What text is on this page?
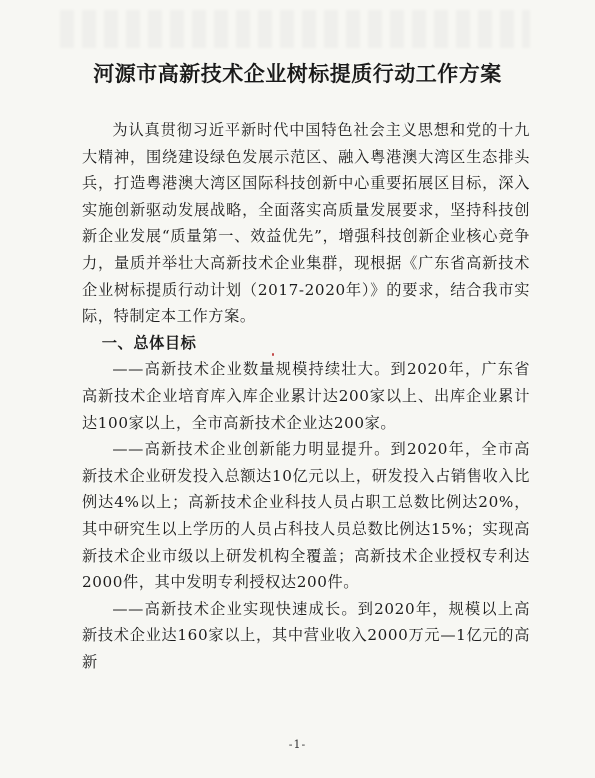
河源市高新技术企业树标提质行动工作方案

为认真贯彻习近平新时代中国特色社会主义思想和党的十九大精神，围绕建设绿色发展示范区、融入粤港澳大湾区生态排头兵，打造粤港澳大湾区国际科技创新中心重要拓展区目标，深入实施创新驱动发展战略，全面落实高质量发展要求，坚持科技创新企业发展“质量第一、效益优先”，增强科技创新企业核心竞争力，量质并举壮大高新技术企业集群，现根据《广东省高新技术企业树标提质行动计划（2017-2020年）》的要求，结合我市实际，特制定本工作方案。

一、总体目标

——高新技术企业数量规模持续壮大。到2020年，广东省高新技术企业培育库入库企业累计达200家以上、出库企业累计达100家以上，全市高新技术企业达200家。

——高新技术企业创新能力明显提升。到2020年，全市高新技术企业研发投入总额达10亿元以上，研发投入占销售收入比例达4%以上；高新技术企业科技人员占职工总数比例达20%，其中研究生以上学历的人员占科技人员总数比例达15%；实现高新技术企业市级以上研发机构全覆盖；高新技术企业授权专利达2000件，其中发明专利授权达200件。

——高新技术企业实现快速成长。到2020年，规模以上高新技术企业达160家以上，其中营业收入2000万元—1亿元的高新

-1-
